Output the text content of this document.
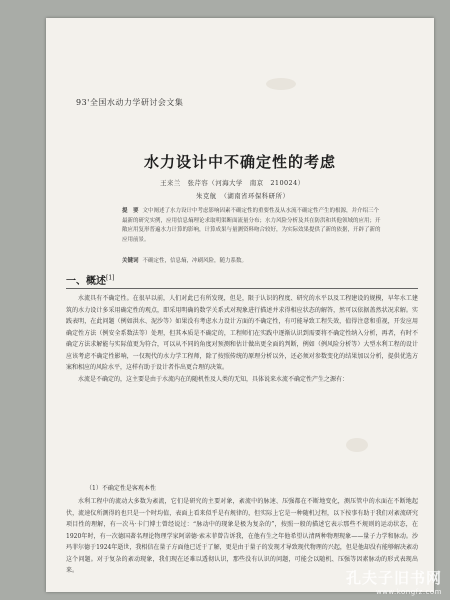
93'全国水动力学研讨会文集
水力设计中不确定性的考虑
王来兰　张芹容（河海大学　南京　210024）
朱克航　（湖南省环保科研所）
提　要 文中阐述了水力设计中考虑影响因素不确定性的重要性及从水流不确定性产生的根源，并介绍三个最新的研究实例，应用信息熵理论求取明渠断面流量分布；水力风险分析及其在防洪和其他领域的应用；开敞应用复形普遍水力计算的影响，计算成果与量测资料吻合较好，为实际效果提供了新的依据，开辟了新的应用前景。
关键词 不确定性，信息熵，冲刷风险，随力系数。
一、概述[1]

水流具有不确定性。在很早以前，人们对此已有所发现，但是，限于认识的程度、研究的水平以及工程建设的规模，早年水工建筑的水力设计多采用确定性的观点，即采用明确的数学关系式对现象进行描述并求得相应状态的解答，然可以依据盖然状况求解。实践表明，在此问题（例如洪水、泥沙等）如果没有考虑水力设计方面的不确定性，有可能导致工程失效，值得注意和重视，开发应用确定性方法（例安全系数法等）处理，但其本质是不确定的，工程师们在实践中逐渐认识到需要将不确定性纳入分析，再者，有时不确定方法求解能与实际值更为符合，可以从不同的角度对预测和估计做出更全面的判断，例如（例风险分析等）大型水利工程的设计应该考虑不确定性影响，一仅现代的水力学工程师，除了按照传统的原理分析以外，还必须对参数变化的结果加以分析，提供优选方案和相应的风险水平，这样有助于设计者作出更合理的决策。

水流是不确定的，这主要是由于水流内在的随机性及人类的无知，具体说来水流不确定性产生之源有：

（1）不确定性是客观本性

水利工程中的流动大多数为紊流，它们是研究的主要对象，紊流中的脉速、压强都在不断地变化，测压管中的水面在不断地起伏，流速仪所测得的也只是一个时均值，表面上看来似乎是有规律的，但实际上它是一种随机过程，以下按事有助于我们对紊流研究项目性的理解，有一次马·卡门博士曾经说过：“脉动中的现象是极为复杂的”，按照一般的描述它表示那些不规则的运动状态，在1920年时，有一次德国著名理论物理学家阿诺德·索末菲曾告诉我，在他有生之年他希望认清两种物理现象——量子力学和脉动。沙玛菲尔德于1924年逝世，我相信在量子方面他已近于了解，更是由于量子的发现才导致现代物理的兴起，但是他却没有能够解决紊动这个问题。对于复杂的紊动现象，我们现在还难以透彻认识，那些没有认识的问题，可能会以随机、压强等因素脉动的形式表现出来。	孔夫子旧书网
www.kongfz.com
